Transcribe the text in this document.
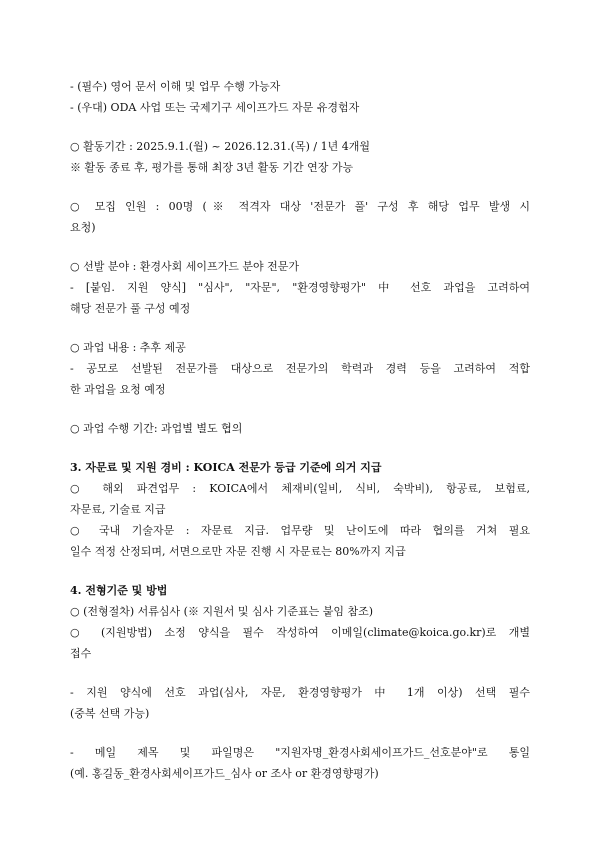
- (필수) 영어 문서 이해 및 업무 수행 가능자
- (우대) ODA 사업 또는 국제기구 세이프가드 자문 유경험자
○ 활동기간 : 2025.9.1.(월) ~ 2026.12.31.(목) / 1년 4개월
※ 활동 종료 후, 평가를 통해 최장 3년 활동 기간 연장 가능
○ 모집 인원 : 00명 (※ 적격자 대상 '전문가 풀' 구성 후 해당 업무 발생 시
요청)
○ 선발 분야 : 환경사회 세이프가드 분야 전문가
- [붙임. 지원 양식] "심사", "자문", "환경영향평가" 中 선호 과업을 고려하여
해당 전문가 풀 구성 예정
○ 과업 내용 : 추후 제공
- 공모로 선발된 전문가를 대상으로 전문가의 학력과 경력 등을 고려하여 적합
한 과업을 요청 예정
○ 과업 수행 기간: 과업별 별도 협의
3. 자문료 및 지원 경비 : KOICA 전문가 등급 기준에 의거 지급
○ 해외 파견업무 : KOICA에서 체재비(일비, 식비, 숙박비), 항공료, 보험료,
자문료, 기술료 지급
○ 국내 기술자문 : 자문료 지급. 업무량 및 난이도에 따라 협의를 거쳐 필요
일수 적정 산정되며, 서면으로만 자문 진행 시 자문료는 80%까지 지급
4. 전형기준 및 방법
○ (전형절차) 서류심사 (※ 지원서 및 심사 기준표는 붙임 참조)
○ (지원방법) 소정 양식을 필수 작성하여 이메일(climate@koica.go.kr)로 개별
접수
- 지원 양식에 선호 과업(심사, 자문, 환경영향평가 中 1개 이상) 선택 필수
(중복 선택 가능)
- 메일 제목 및 파일명은 "지원자명_환경사회세이프가드_선호분야"로 통일
(예. 홍길동_환경사회세이프가드_심사 or 조사 or 환경영향평가)
